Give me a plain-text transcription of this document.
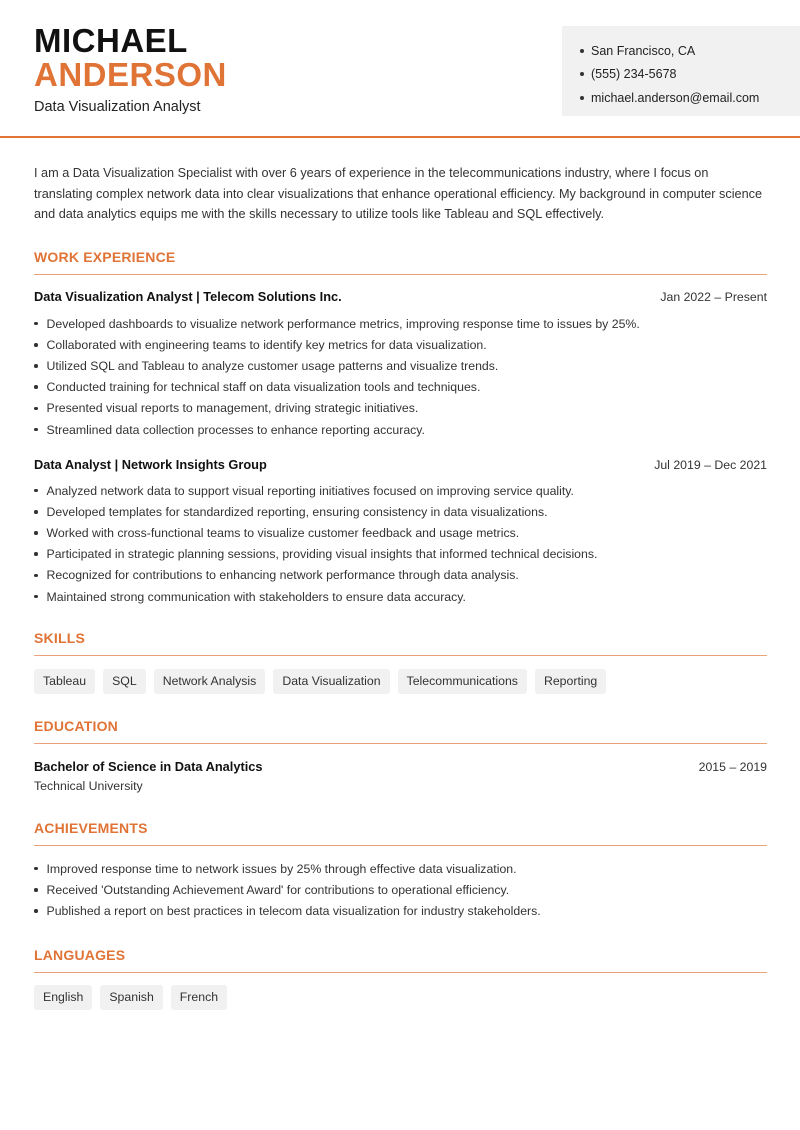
MICHAEL
ANDERSON
Data Visualization Analyst
San Francisco, CA
(555) 234-5678
michael.anderson@email.com

I am a Data Visualization Specialist with over 6 years of experience in the telecommunications industry, where I focus on translating complex network data into clear visualizations that enhance operational efficiency. My background in computer science and data analytics equips me with the skills necessary to utilize tools like Tableau and SQL effectively.

WORK EXPERIENCE
Data Visualization Analyst | Telecom Solutions Inc.	Jan 2022 – Present
Developed dashboards to visualize network performance metrics, improving response time to issues by 25%.
Collaborated with engineering teams to identify key metrics for data visualization.
Utilized SQL and Tableau to analyze customer usage patterns and visualize trends.
Conducted training for technical staff on data visualization tools and techniques.
Presented visual reports to management, driving strategic initiatives.
Streamlined data collection processes to enhance reporting accuracy.
Data Analyst | Network Insights Group	Jul 2019 – Dec 2021
Analyzed network data to support visual reporting initiatives focused on improving service quality.
Developed templates for standardized reporting, ensuring consistency in data visualizations.
Worked with cross-functional teams to visualize customer feedback and usage metrics.
Participated in strategic planning sessions, providing visual insights that informed technical decisions.
Recognized for contributions to enhancing network performance through data analysis.
Maintained strong communication with stakeholders to ensure data accuracy.
SKILLS
Tableau	SQL	Network Analysis	Data Visualization	Telecommunications	Reporting
EDUCATION
Bachelor of Science in Data Analytics	2015 – 2019
Technical University
ACHIEVEMENTS
Improved response time to network issues by 25% through effective data visualization.
Received 'Outstanding Achievement Award' for contributions to operational efficiency.
Published a report on best practices in telecom data visualization for industry stakeholders.
LANGUAGES
English	Spanish	French
